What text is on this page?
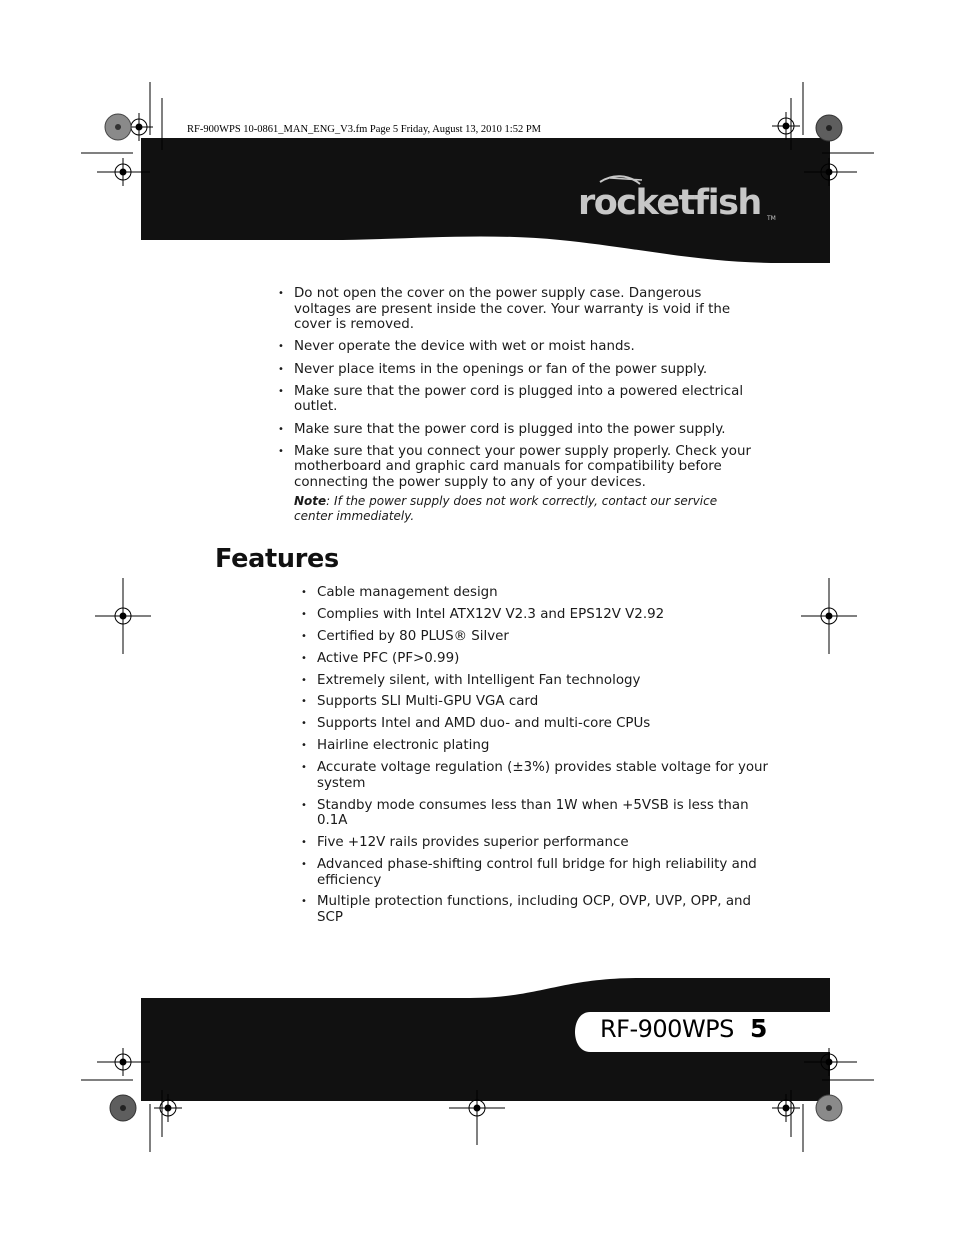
RF-900WPS 10-0861_MAN_ENG_V3.fm Page 5 Friday, August 13, 2010 1:52 PM
rocketfish TM
• Do not open the cover on the power supply case. Dangerous voltages are present inside the cover. Your warranty is void if the cover is removed.
• Never operate the device with wet or moist hands.
• Never place items in the openings or fan of the power supply.
• Make sure that the power cord is plugged into a powered electrical outlet.
• Make sure that the power cord is plugged into the power supply.
• Make sure that you connect your power supply properly. Check your motherboard and graphic card manuals for compatibility before connecting the power supply to any of your devices.
Note: If the power supply does not work correctly, contact our service center immediately.
Features
• Cable management design
• Complies with Intel ATX12V V2.3 and EPS12V V2.92
• Certified by 80 PLUS® Silver
• Active PFC (PF>0.99)
• Extremely silent, with Intelligent Fan technology
• Supports SLI Multi-GPU VGA card
• Supports Intel and AMD duo- and multi-core CPUs
• Hairline electronic plating
• Accurate voltage regulation (±3%) provides stable voltage for your system
• Standby mode consumes less than 1W when +5VSB is less than 0.1A
• Five +12V rails provides superior performance
• Advanced phase-shifting control full bridge for high reliability and efficiency
• Multiple protection functions, including OCP, OVP, UVP, OPP, and SCP
RF-900WPS 5
